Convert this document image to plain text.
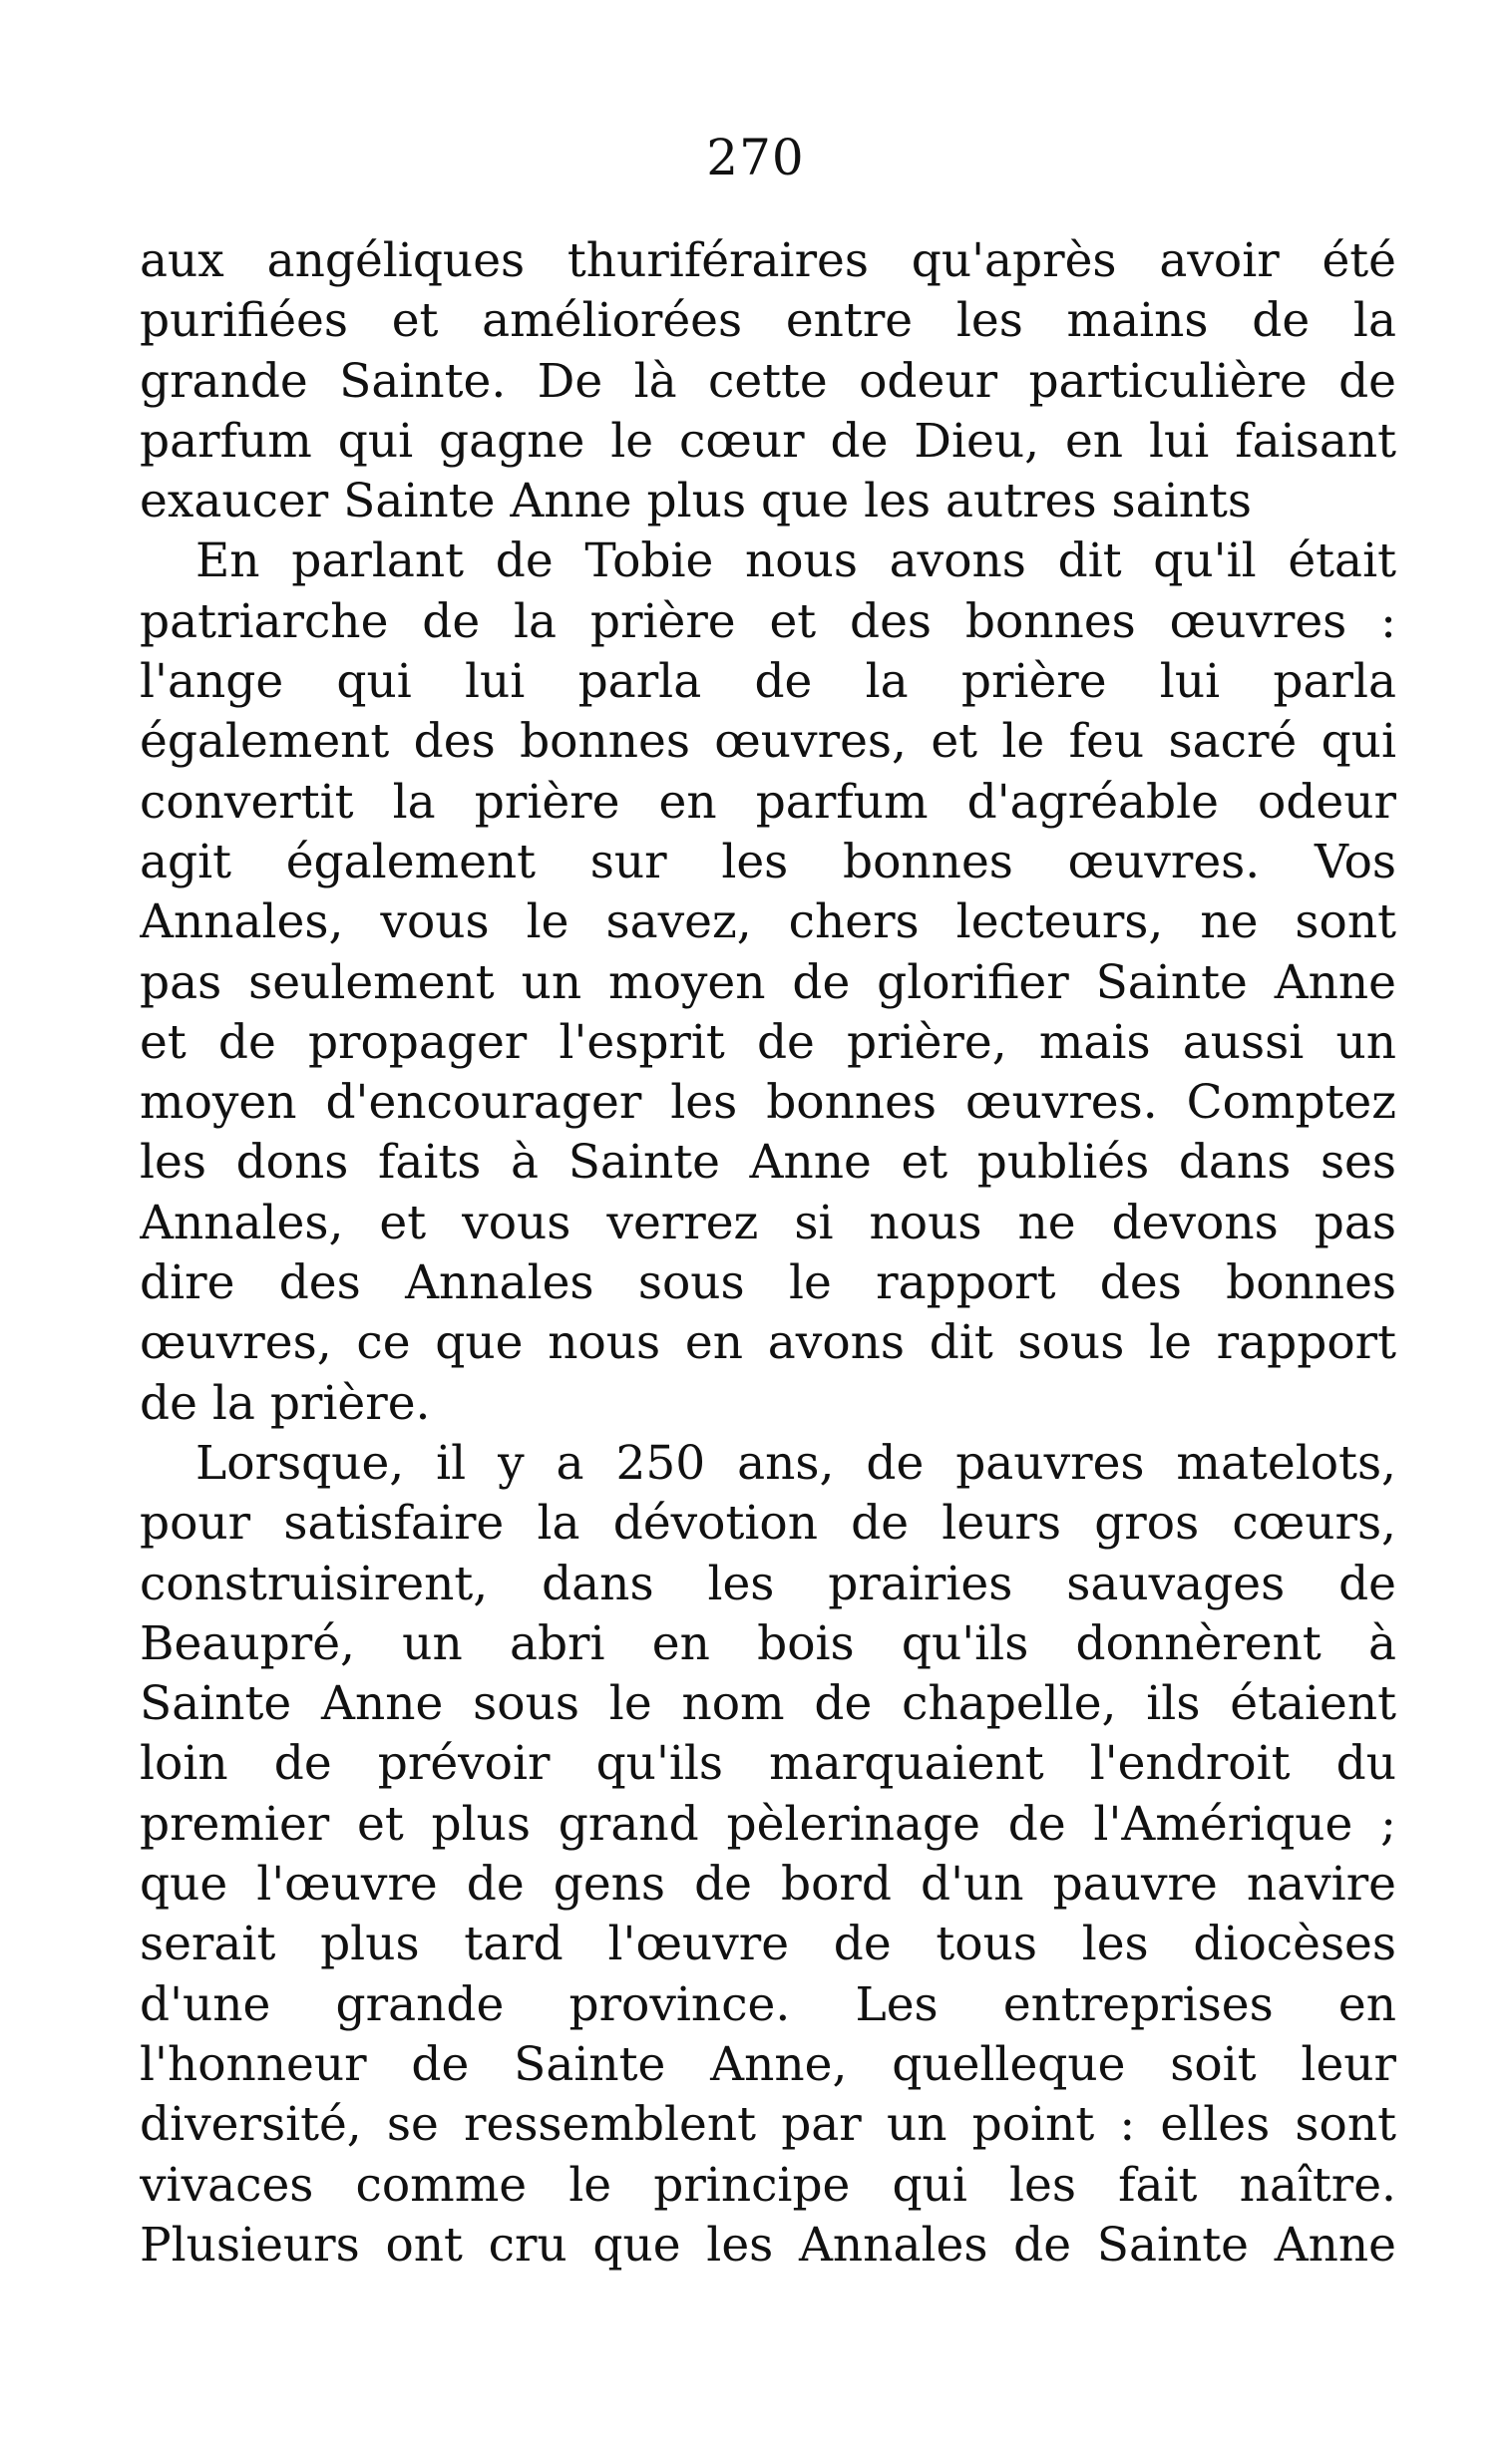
270
aux angéliques thuriféraires qu'après avoir été
purifiées et améliorées entre les mains de la
grande Sainte. De là cette odeur particulière de
parfum qui gagne le cœur de Dieu, en lui faisant
exaucer Sainte Anne plus que les autres saints
En parlant de Tobie nous avons dit qu'il était
patriarche de la prière et des bonnes œuvres :
l'ange qui lui parla de la prière lui parla
également des bonnes œuvres, et le feu sacré qui
convertit la prière en parfum d'agréable odeur
agit également sur les bonnes œuvres. Vos
Annales, vous le savez, chers lecteurs, ne sont
pas seulement un moyen de glorifier Sainte Anne
et de propager l'esprit de prière, mais aussi un
moyen d'encourager les bonnes œuvres. Comptez
les dons faits à Sainte Anne et publiés dans ses
Annales, et vous verrez si nous ne devons pas
dire des Annales sous le rapport des bonnes
œuvres, ce que nous en avons dit sous le rapport
de la prière.
Lorsque, il y a 250 ans, de pauvres matelots,
pour satisfaire la dévotion de leurs gros cœurs,
construisirent, dans les prairies sauvages de
Beaupré, un abri en bois qu'ils donnèrent à
Sainte Anne sous le nom de chapelle, ils étaient
loin de prévoir qu'ils marquaient l'endroit du
premier et plus grand pèlerinage de l'Amérique ;
que l'œuvre de gens de bord d'un pauvre navire
serait plus tard l'œuvre de tous les diocèses
d'une grande province. Les entreprises en
l'honneur de Sainte Anne, quelleque soit leur
diversité, se ressemblent par un point : elles sont
vivaces comme le principe qui les fait naître.
Plusieurs ont cru que les Annales de Sainte Anne
